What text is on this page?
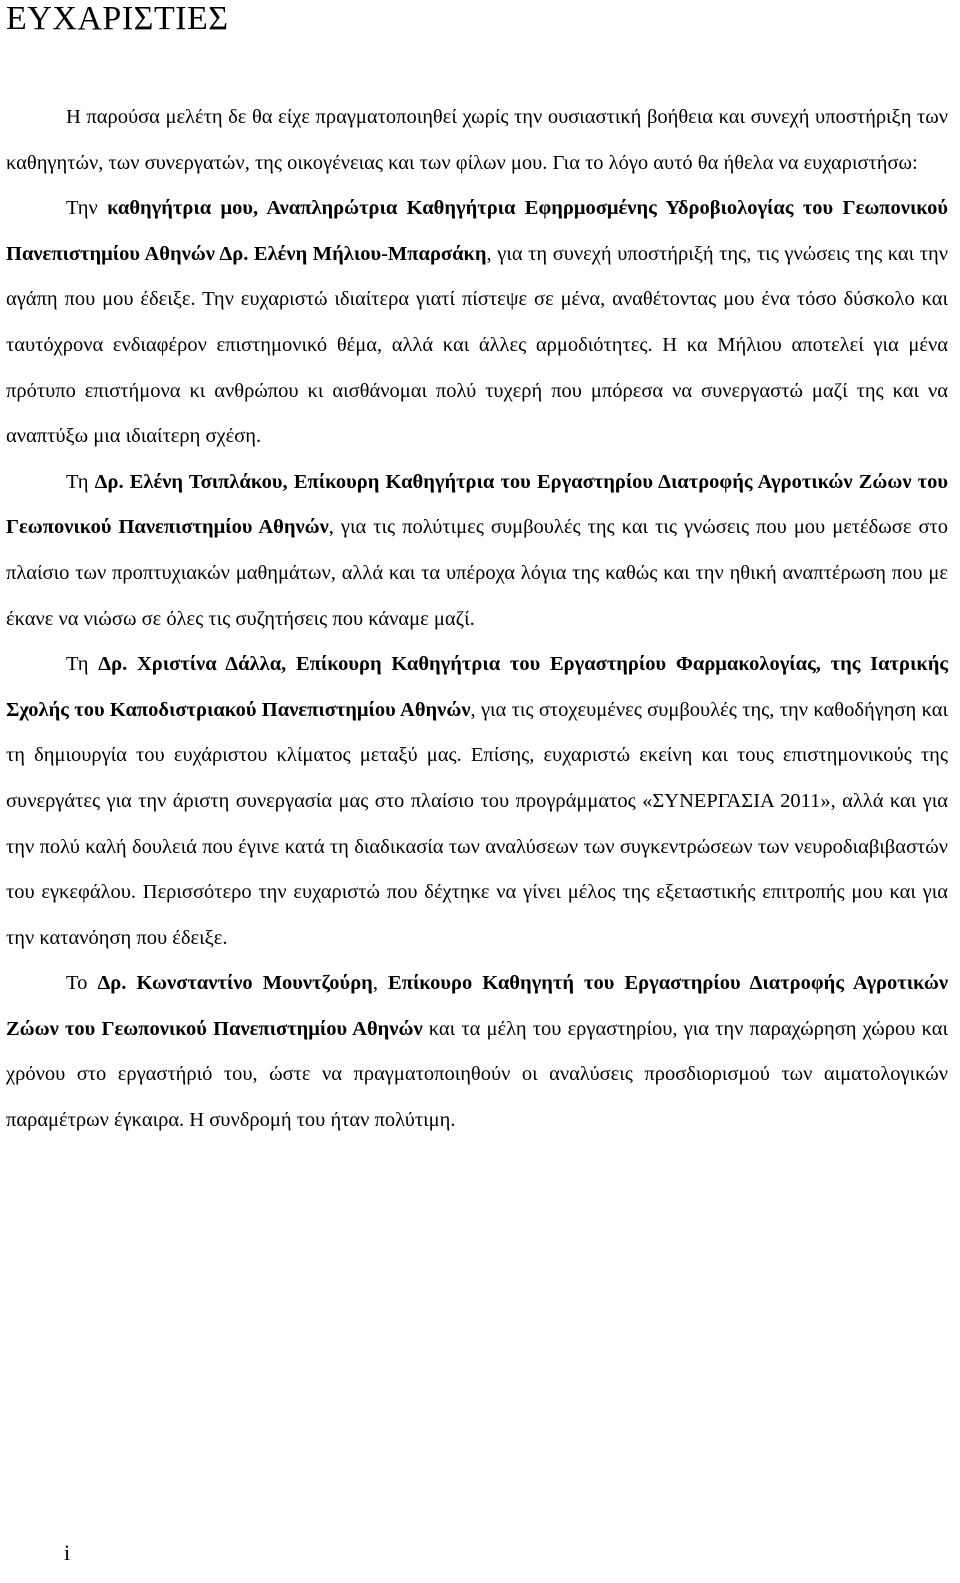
ΕΥΧΑΡΙΣΤΙΕΣ

Η παρούσα μελέτη δε θα είχε πραγματοποιηθεί χωρίς την ουσιαστική βοήθεια και συνεχή υποστήριξη των καθηγητών, των συνεργατών, της οικογένειας και των φίλων μου. Για το λόγο αυτό θα ήθελα να ευχαριστήσω:

Την καθηγήτρια μου, Αναπληρώτρια Καθηγήτρια Εφηρμοσμένης Υδροβιολογίας του Γεωπονικού Πανεπιστημίου Αθηνών Δρ. Ελένη Μήλιου-Μπαρσάκη, για τη συνεχή υποστήριξή της, τις γνώσεις της και την αγάπη που μου έδειξε. Την ευχαριστώ ιδιαίτερα γιατί πίστεψε σε μένα, αναθέτοντας μου ένα τόσο δύσκολο και ταυτόχρονα ενδιαφέρον επιστημονικό θέμα, αλλά και άλλες αρμοδιότητες. Η κα Μήλιου αποτελεί για μένα πρότυπο επιστήμονα κι ανθρώπου κι αισθάνομαι πολύ τυχερή που μπόρεσα να συνεργαστώ μαζί της και να αναπτύξω μια ιδιαίτερη σχέση.

Τη Δρ. Ελένη Τσιπλάκου, Επίκουρη Καθηγήτρια του Εργαστηρίου Διατροφής Αγροτικών Ζώων του Γεωπονικού Πανεπιστημίου Αθηνών, για τις πολύτιμες συμβουλές της και τις γνώσεις που μου μετέδωσε στο πλαίσιο των προπτυχιακών μαθημάτων, αλλά και τα υπέροχα λόγια της καθώς και την ηθική αναπτέρωση που με έκανε να νιώσω σε όλες τις συζητήσεις που κάναμε μαζί.

Τη Δρ. Χριστίνα Δάλλα, Επίκουρη Καθηγήτρια του Εργαστηρίου Φαρμακολογίας, της Ιατρικής Σχολής του Καποδιστριακού Πανεπιστημίου Αθηνών, για τις στοχευμένες συμβουλές της, την καθοδήγηση και τη δημιουργία του ευχάριστου κλίματος μεταξύ μας. Επίσης, ευχαριστώ εκείνη και τους επιστημονικούς της συνεργάτες για την άριστη συνεργασία μας στο πλαίσιο του προγράμματος «ΣΥΝΕΡΓΑΣΙΑ 2011», αλλά και για την πολύ καλή δουλειά που έγινε κατά τη διαδικασία των αναλύσεων των συγκεντρώσεων των νευροδιαβιβαστών του εγκεφάλου. Περισσότερο την ευχαριστώ που δέχτηκε να γίνει μέλος της εξεταστικής επιτροπής μου και για την κατανόηση που έδειξε.

Το Δρ. Κωνσταντίνο Μουντζούρη, Επίκουρο Καθηγητή του Εργαστηρίου Διατροφής Αγροτικών Ζώων του Γεωπονικού Πανεπιστημίου Αθηνών και τα μέλη του εργαστηρίου, για την παραχώρηση χώρου και χρόνου στο εργαστήριό του, ώστε να πραγματοποιηθούν οι αναλύσεις προσδιορισμού των αιματολογικών παραμέτρων έγκαιρα. Η συνδρομή του ήταν πολύτιμη.

i
